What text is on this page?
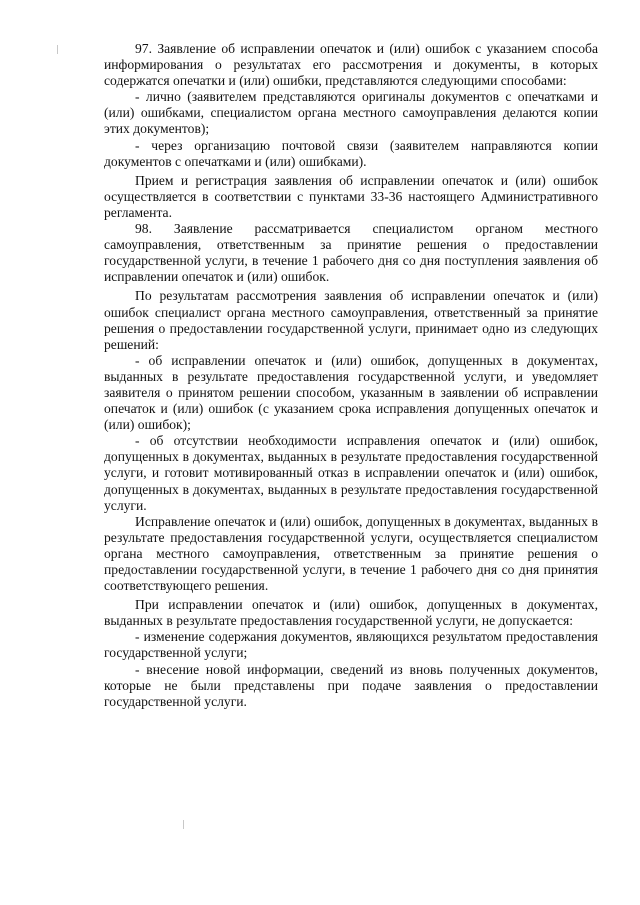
97. Заявление об исправлении опечаток и (или) ошибок с указанием способа информирования о результатах его рассмотрения и документы, в которых содержатся опечатки и (или) ошибки, представляются следующими способами:

- лично (заявителем представляются оригиналы документов с опечатками и (или) ошибками, специалистом органа местного самоуправления делаются копии этих документов);

- через организацию почтовой связи (заявителем направляются копии документов с опечатками и (или) ошибками).

Прием и регистрация заявления об исправлении опечаток и (или) ошибок осуществляется в соответствии с пунктами 33-36 настоящего Административного регламента.

98. Заявление рассматривается специалистом органом местного самоуправления, ответственным за принятие решения о предоставлении государственной услуги, в течение 1 рабочего дня со дня поступления заявления об исправлении опечаток и (или) ошибок.

По результатам рассмотрения заявления об исправлении опечаток и (или) ошибок специалист органа местного самоуправления, ответственный за принятие решения о предоставлении государственной услуги, принимает одно из следующих решений:

- об исправлении опечаток и (или) ошибок, допущенных в документах, выданных в результате предоставления государственной услуги, и уведомляет заявителя о принятом решении способом, указанным в заявлении об исправлении опечаток и (или) ошибок (с указанием срока исправления допущенных опечаток и (или) ошибок);

- об отсутствии необходимости исправления опечаток и (или) ошибок, допущенных в документах, выданных в результате предоставления государственной услуги, и готовит мотивированный отказ в исправлении опечаток и (или) ошибок, допущенных в документах, выданных в результате предоставления государственной услуги.

Исправление опечаток и (или) ошибок, допущенных в документах, выданных в результате предоставления государственной услуги, осуществляется специалистом органа местного самоуправления, ответственным за принятие решения о предоставлении государственной услуги, в течение 1 рабочего дня со дня принятия соответствующего решения.

При исправлении опечаток и (или) ошибок, допущенных в документах, выданных в результате предоставления государственной услуги, не допускается:

- изменение содержания документов, являющихся результатом предоставления государственной услуги;

- внесение новой информации, сведений из вновь полученных документов, которые не были представлены при подаче заявления о предоставлении государственной услуги.
